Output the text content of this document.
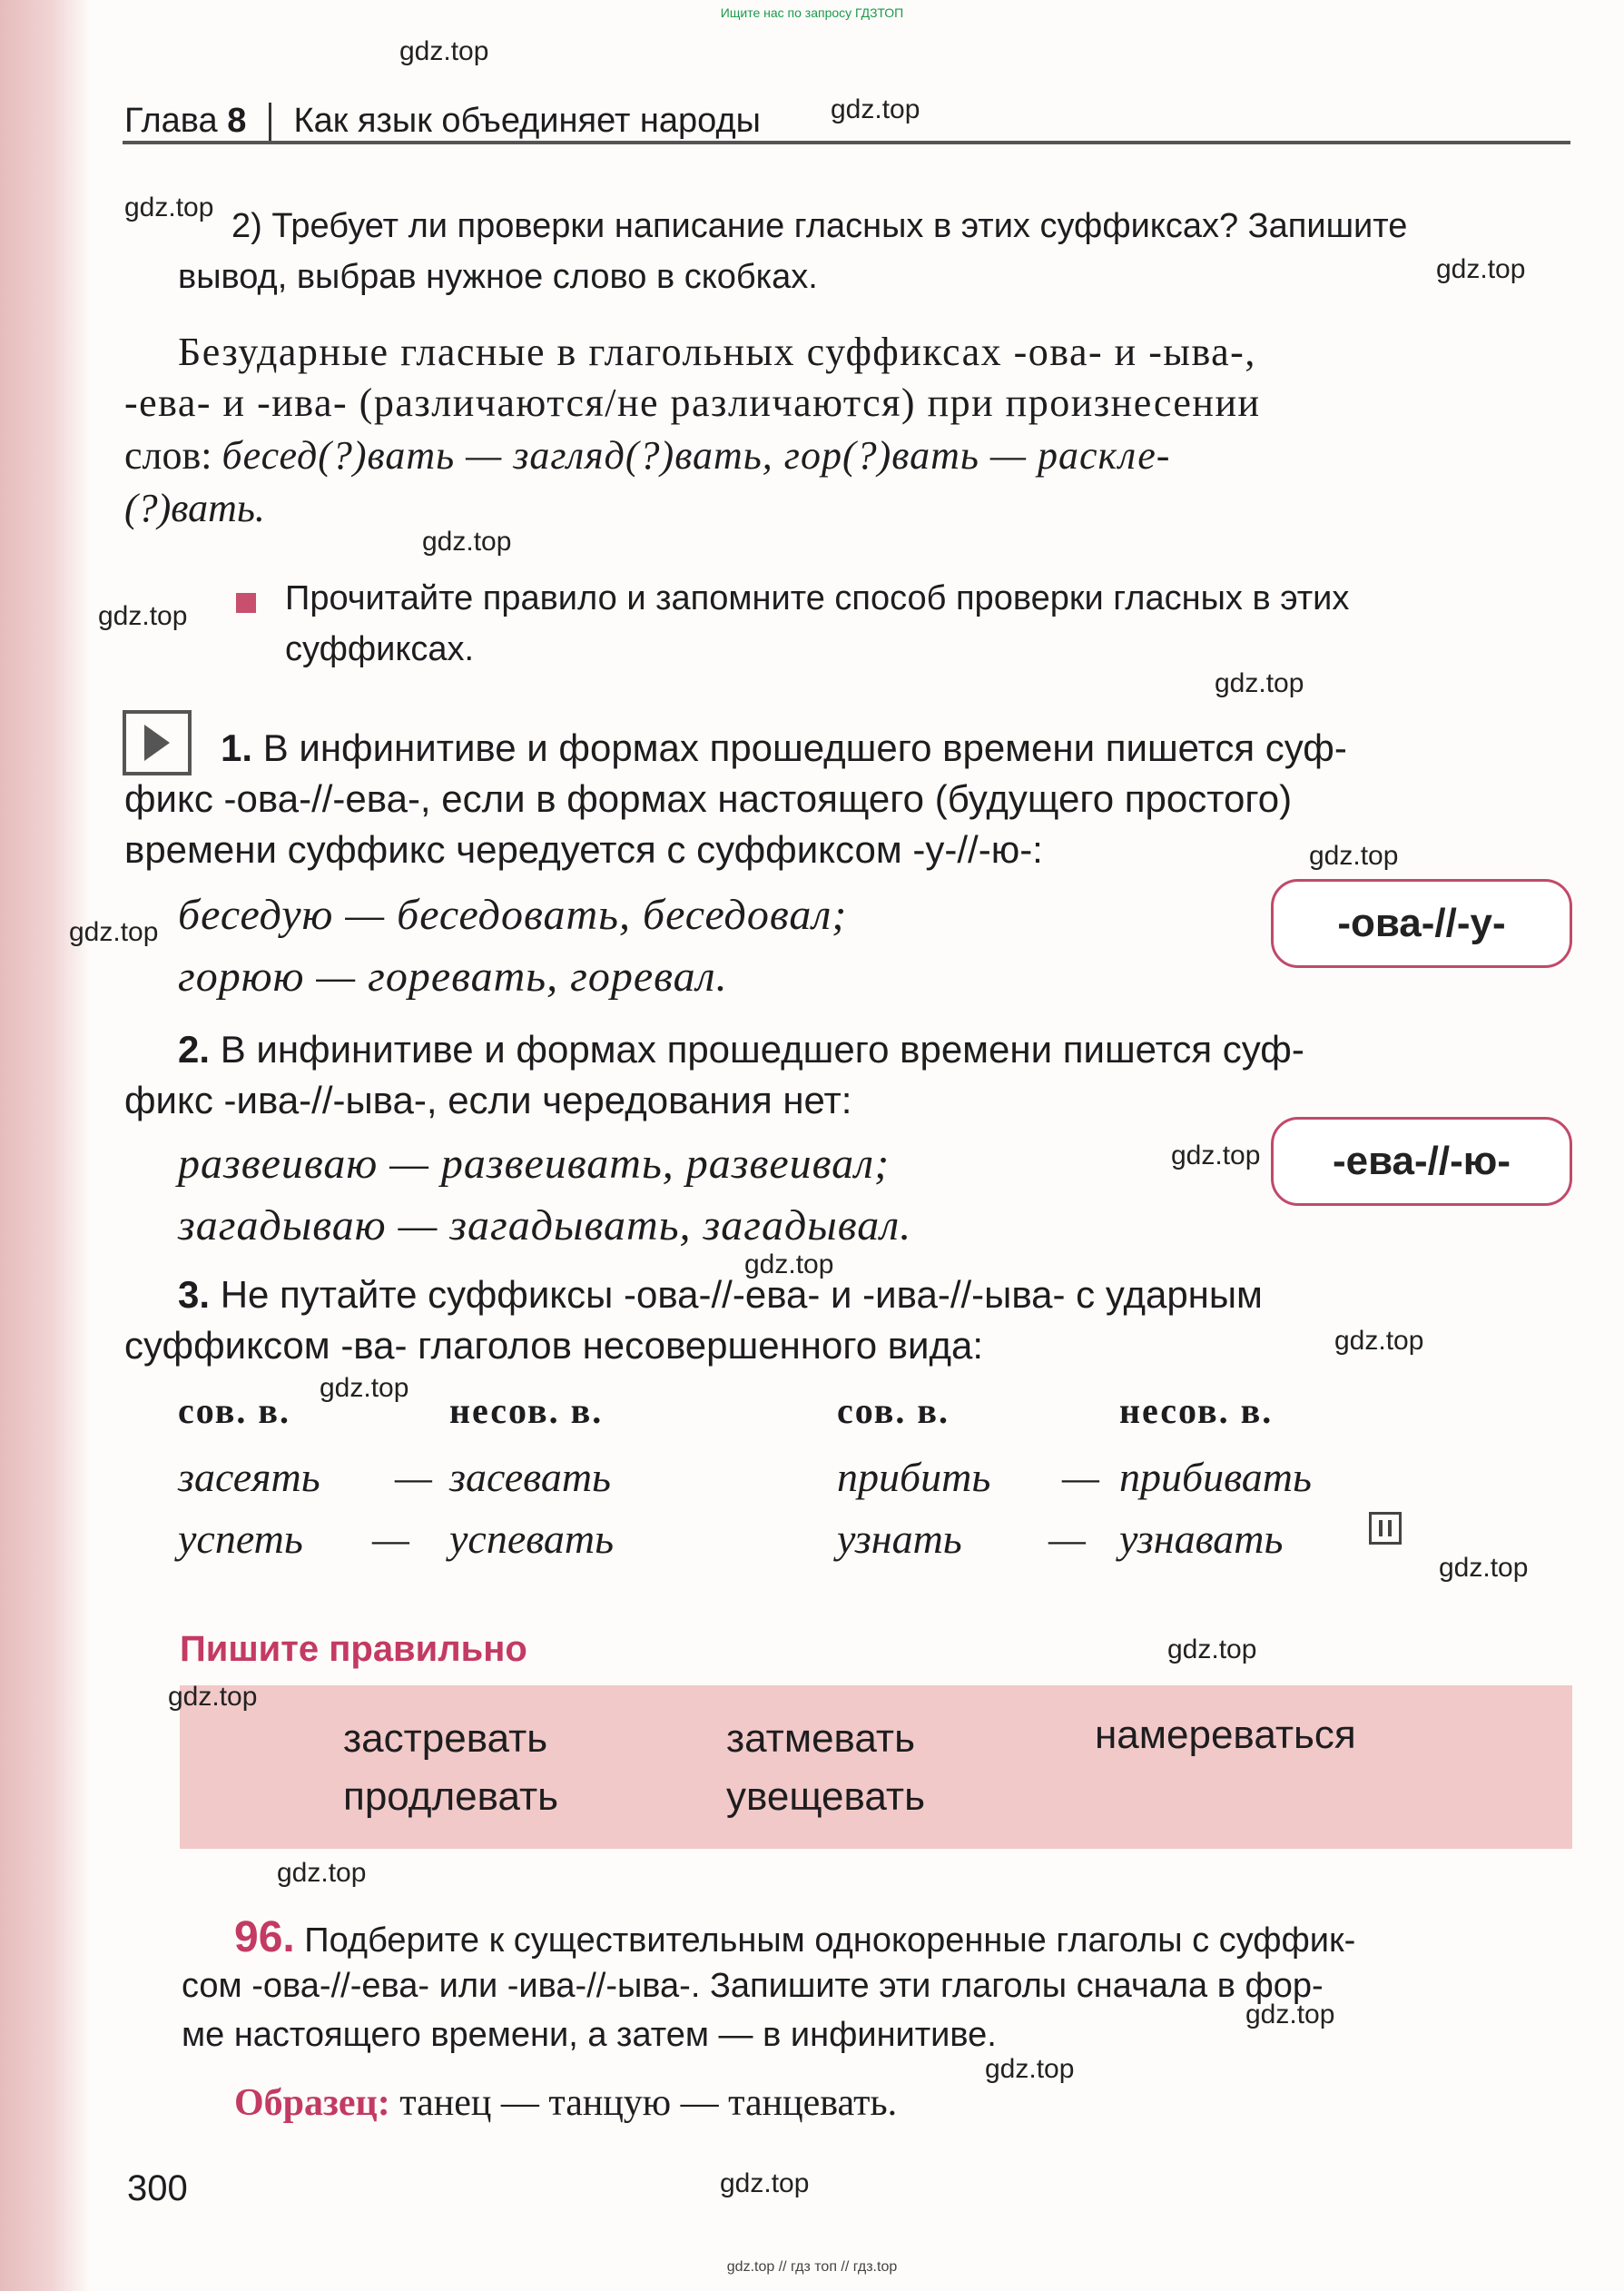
Ищите нас по запросу ГДЗТОП
Глава 8 Как язык объединяет народы
2) Требует ли проверки написание гласных в этих суффиксах? Запишите
вывод, выбрав нужное слово в скобках.
Безударные гласные в глагольных суффиксах -ова- и -ыва-,
-ева- и -ива- (различаются/не различаются) при произнесении
слов: бесед(?)вать — загляд(?)вать, гор(?)вать — раскле-
(?)вать.
Прочитайте правило и запомните способ проверки гласных в этих
суффиксах.
1. В инфинитиве и формах прошедшего времени пишется суф-
фикс -ова-//-ева-, если в формах настоящего (будущего простого)
времени суффикс чередуется с суффиксом -у-//-ю-:
беседую — беседовать, беседовал;
горюю — горевать, горевал.
-ова-//-у-
2. В инфинитиве и формах прошедшего времени пишется суф-
фикс -ива-//-ыва-, если чередования нет:
развеиваю — развеивать, развеивал;
загадываю — загадывать, загадывал.
-ева-//-ю-
3. Не путайте суффиксы -ова-//-ева- и -ива-//-ыва- с ударным
суффиксом -ва- глаголов несовершенного вида:
сов. в.	несов. в.	сов. в.	несов. в.
засеять — засевать	прибить — прибивать
успеть — успевать	узнать — узнавать
Пишите правильно
застревать	затмевать	намереваться
продлевать	увещевать
96. Подберите к существительным однокоренные глаголы с суффик-
сом -ова-//-ева- или -ива-//-ыва-. Запишите эти глаголы сначала в фор-
ме настоящего времени, а затем — в инфинитиве.
Образец: танец — танцую — танцевать.
300
gdz.top
gdz.top
gdz.top
gdz.top
gdz.top
gdz.top
gdz.top
gdz.top
gdz.top
gdz.top
gdz.top
gdz.top
gdz.top
gdz.top
gdz.top
gdz.top
gdz.top
gdz.top
gdz.top
gdz.top
gdz.top // гдз топ // гдз.top
